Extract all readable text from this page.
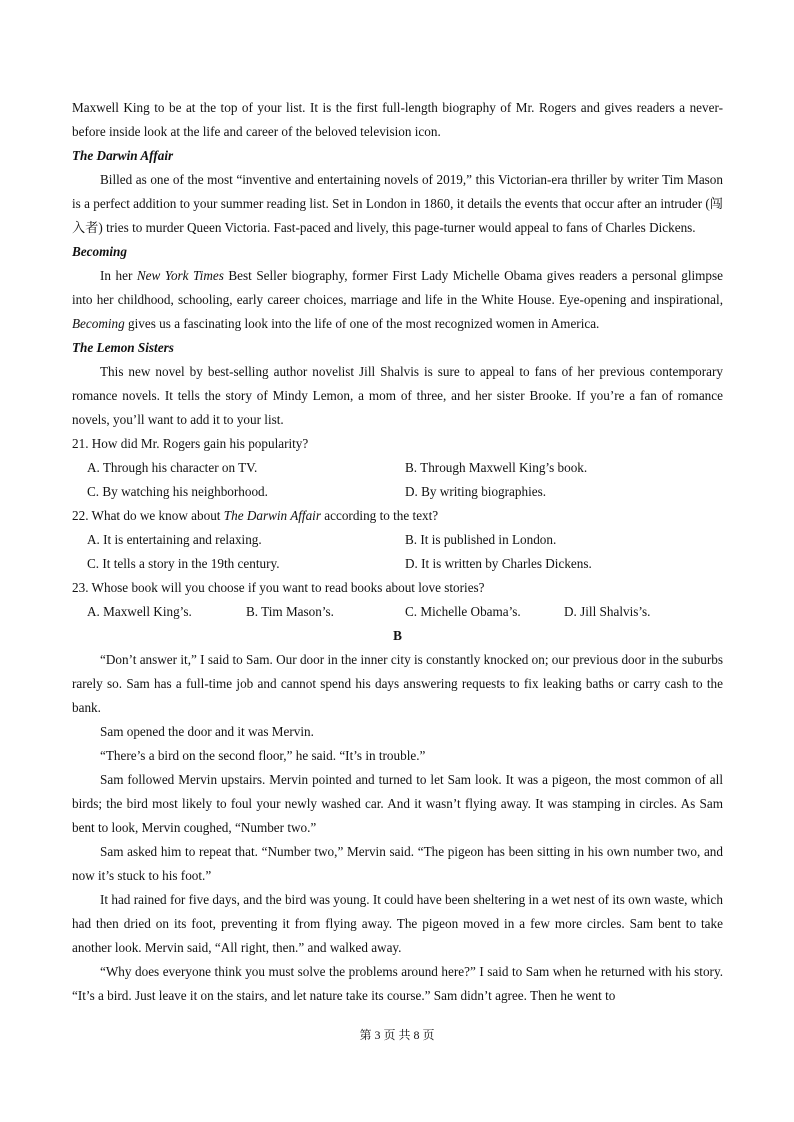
Maxwell King to be at the top of your list. It is the first full-length biography of Mr. Rogers and gives readers a never-before inside look at the life and career of the beloved television icon.

The Darwin Affair

Billed as one of the most “inventive and entertaining novels of 2019,” this Victorian-era thriller by writer Tim Mason is a perfect addition to your summer reading list. Set in London in 1860, it details the events that occur after an intruder (闯入者) tries to murder Queen Victoria. Fast-paced and lively, this page-turner would appeal to fans of Charles Dickens.

Becoming

In her New York Times Best Seller biography, former First Lady Michelle Obama gives readers a personal glimpse into her childhood, schooling, early career choices, marriage and life in the White House. Eye-opening and inspirational, Becoming gives us a fascinating look into the life of one of the most recognized women in America.

The Lemon Sisters

This new novel by best-selling author novelist Jill Shalvis is sure to appeal to fans of her previous contemporary romance novels. It tells the story of Mindy Lemon, a mom of three, and her sister Brooke. If you’re a fan of romance novels, you’ll want to add it to your list.

21. How did Mr. Rogers gain his popularity?

A. Through his character on TV.	B. Through Maxwell King’s book.
C. By watching his neighborhood.	D. By writing biographies.

22. What do we know about The Darwin Affair according to the text?

A. It is entertaining and relaxing.	B. It is published in London.
C. It tells a story in the 19th century.	D. It is written by Charles Dickens.

23. Whose book will you choose if you want to read books about love stories?

A. Maxwell King’s.	B. Tim Mason’s.	C. Michelle Obama’s.	D. Jill Shalvis’s.

B

“Don’t answer it,” I said to Sam. Our door in the inner city is constantly knocked on; our previous door in the suburbs rarely so. Sam has a full-time job and cannot spend his days answering requests to fix leaking baths or carry cash to the bank.

Sam opened the door and it was Mervin.

“There’s a bird on the second floor,” he said. “It’s in trouble.”

Sam followed Mervin upstairs. Mervin pointed and turned to let Sam look. It was a pigeon, the most common of all birds; the bird most likely to foul your newly washed car. And it wasn’t flying away. It was stamping in circles. As Sam bent to look, Mervin coughed, “Number two.”

Sam asked him to repeat that. “Number two,” Mervin said. “The pigeon has been sitting in his own number two, and now it’s stuck to his foot.”

It had rained for five days, and the bird was young. It could have been sheltering in a wet nest of its own waste, which had then dried on its foot, preventing it from flying away. The pigeon moved in a few more circles. Sam bent to take another look. Mervin said, “All right, then.” and walked away.

“Why does everyone think you must solve the problems around here?” I said to Sam when he returned with his story. “It’s a bird. Just leave it on the stairs, and let nature take its course.” Sam didn’t agree. Then he went to

第 3 页 共 8 页
